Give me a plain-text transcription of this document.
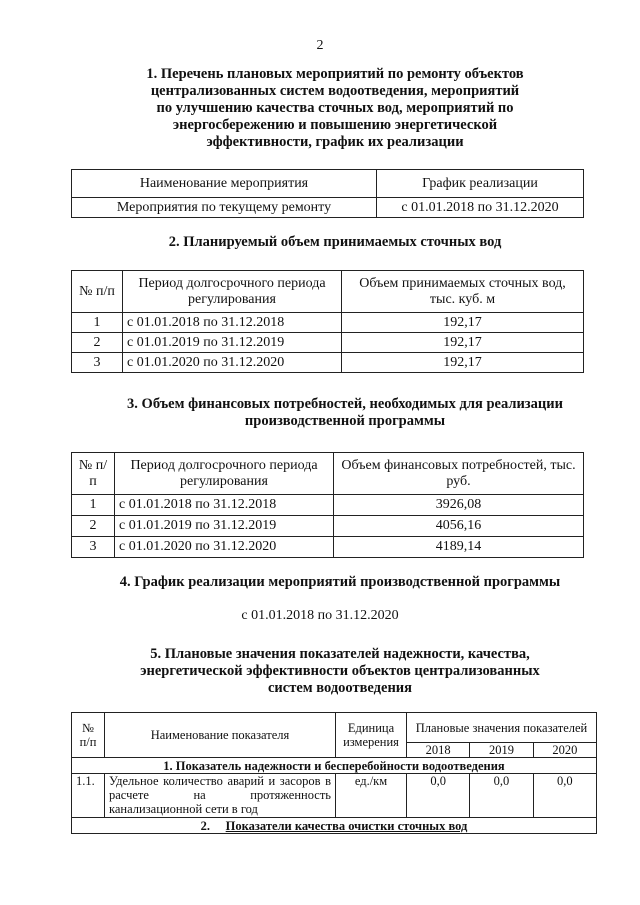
2
1. Перечень плановых мероприятий по ремонту объектов
централизованных систем водоотведения, мероприятий
по улучшению качества сточных вод, мероприятий по
энергосбережению и повышению энергетической
эффективности, график их реализации
Наименование мероприятия	График реализации
Мероприятия по текущему ремонту	с 01.01.2018 по 31.12.2020
2. Планируемый объем принимаемых сточных вод
№ п/п	Период долгосрочного периода регулирования	Объем принимаемых сточных вод, тыс. куб. м
1	с 01.01.2018 по 31.12.2018	192,17
2	с 01.01.2019 по 31.12.2019	192,17
3	с 01.01.2020 по 31.12.2020	192,17
3. Объем финансовых потребностей, необходимых для реализации
производственной программы
№ п/п	Период долгосрочного периода регулирования	Объем финансовых потребностей, тыс. руб.
1	с 01.01.2018 по 31.12.2018	3926,08
2	с 01.01.2019 по 31.12.2019	4056,16
3	с 01.01.2020 по 31.12.2020	4189,14
4. График реализации мероприятий производственной программы
с 01.01.2018 по 31.12.2020
5. Плановые значения показателей надежности, качества,
энергетической эффективности объектов централизованных
систем водоотведения
№ п/п	Наименование показателя	Единица измерения	Плановые значения показателей		
			2018	2019	2020
1. Показатель надежности и бесперебойности водоотведения					
1.1.	Удельное количество аварий и засоров в расчете на протяженность канализационной сети в год	ед./км	0,0	0,0	0,0
2. Показатели качества очистки сточных вод					
